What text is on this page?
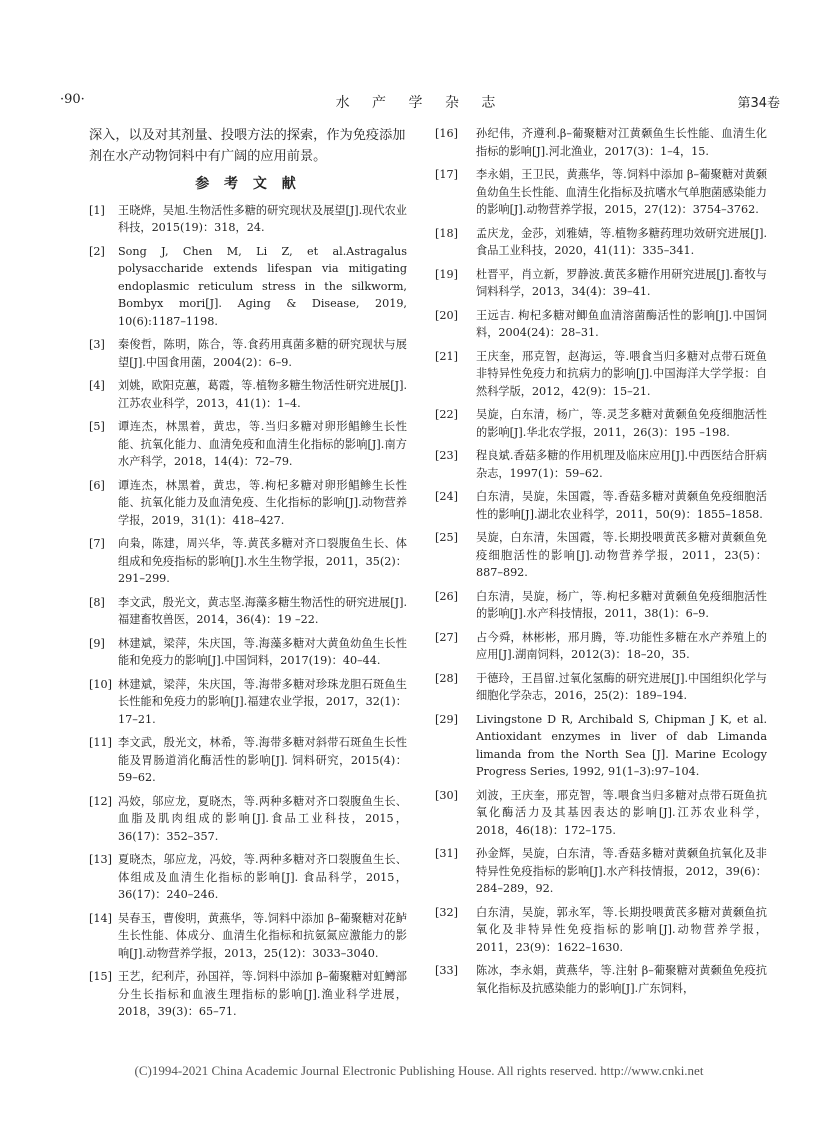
·90·	水 产 学 杂 志	第34卷

深入，以及对其剂量、投喂方法的探索，作为免疫添加剂在水产动物饲料中有广阔的应用前景。

参 考 文 献
[1] 王晓烨，吴旭.生物活性多糖的研究现状及展望[J].现代农业科技，2015(19)：318，24.
[2] Song J, Chen M, Li Z, et al.Astragalus polysaccharide extends lifespan via mitigating endoplasmic reticulum stress in the silkworm, Bombyx mori[J]. Aging & Disease, 2019, 10(6):1187–1198.
[3] 秦俊哲，陈明，陈合，等.食药用真菌多糖的研究现状与展望[J].中国食用菌，2004(2)：6–9.
[4] 刘姚，欧阳克蕙，葛霞，等.植物多糖生物活性研究进展[J].江苏农业科学，2013，41(1)：1–4.
[5] 谭连杰，林黑着，黄忠，等.当归多糖对卵形鲳鲹生长性能、抗氧化能力、血清免疫和血清生化指标的影响[J].南方水产科学，2018，14(4)：72–79.
[6] 谭连杰，林黑着，黄忠，等.枸杞多糖对卵形鲳鲹生长性能、抗氧化能力及血清免疫、生化指标的影响[J].动物营养学报，2019，31(1)：418–427.
[7] 向枭，陈建，周兴华，等.黄芪多糖对齐口裂腹鱼生长、体组成和免疫指标的影响[J].水生生物学报，2011，35(2)：291–299.
[8] 李文武，殷光文，黄志坚.海藻多糖生物活性的研究进展[J].福建畜牧兽医，2014，36(4)：19 –22.
[9] 林建斌，梁萍，朱庆国，等.海藻多糖对大黄鱼幼鱼生长性能和免疫力的影响[J].中国饲料，2017(19)：40–44.
[10] 林建斌，梁萍，朱庆国，等.海带多糖对珍珠龙胆石斑鱼生长性能和免疫力的影响[J].福建农业学报，2017，32(1)：17–21.
[11] 李文武，殷光文，林希，等.海带多糖对斜带石斑鱼生长性能及胃肠道消化酶活性的影响[J]. 饲料研究，2015(4)：59–62.
[12] 冯姣，邬应龙，夏晓杰，等.两种多糖对齐口裂腹鱼生长、血脂及肌肉组成的影响[J].食品工业科技，2015，36(17)：352–357.
[13] 夏晓杰，邬应龙，冯姣，等.两种多糖对齐口裂腹鱼生长、体组成及血清生化指标的影响[J]. 食品科学，2015，36(17)：240–246.
[14] 吴春玉，曹俊明，黄燕华，等.饲料中添加 β–葡聚糖对花鲈生长性能、体成分、血清生化指标和抗氨氮应激能力的影响[J].动物营养学报，2013，25(12)：3033–3040.
[15] 王艺，纪利芹，孙国祥，等.饲料中添加 β–葡聚糖对虹鳟部分生长指标和血液生理指标的影响[J].渔业科学进展，2018，39(3)：65–71.
[16] 孙纪伟，齐遵利.β–葡聚糖对江黄颡鱼生长性能、血清生化指标的影响[J].河北渔业，2017(3)：1–4，15.
[17] 李永娟，王卫民，黄燕华，等.饲料中添加 β–葡聚糖对黄颡鱼幼鱼生长性能、血清生化指标及抗嗜水气单胞菌感染能力的影响[J].动物营养学报，2015，27(12)：3754–3762.
[18] 孟庆龙，金莎，刘雅婧，等.植物多糖药理功效研究进展[J].食品工业科技，2020，41(11)：335–341.
[19] 杜晋平，肖立新，罗静波.黄芪多糖作用研究进展[J].畜牧与饲料科学，2013，34(4)：39–41.
[20] 王远吉. 枸杞多糖对鲫鱼血清溶菌酶活性的影响[J].中国饲料，2004(24)：28–31.
[21] 王庆奎，邢克智，赵海运，等.喂食当归多糖对点带石斑鱼非特异性免疫力和抗病力的影响[J].中国海洋大学学报：自然科学版，2012，42(9)：15–21.
[22] 吴旋，白东清，杨广，等.灵芝多糖对黄颡鱼免疫细胞活性的影响[J].华北农学报，2011，26(3)：195 –198.
[23] 程良斌.香菇多糖的作用机理及临床应用[J].中西医结合肝病杂志，1997(1)：59–62.
[24] 白东清，吴旋，朱国霞，等.香菇多糖对黄颡鱼免疫细胞活性的影响[J].湖北农业科学，2011，50(9)：1855–1858.
[25] 吴旋，白东清，朱国霞，等.长期投喂黄芪多糖对黄颡鱼免疫细胞活性的影响[J].动物营养学报，2011，23(5)：887–892.
[26] 白东清，吴旋，杨广，等.枸杞多糖对黄颡鱼免疫细胞活性的影响[J].水产科技情报，2011，38(1)：6–9.
[27] 占今舜，林彬彬，邢月腾，等.功能性多糖在水产养殖上的应用[J].湖南饲料，2012(3)：18–20，35.
[28] 于德玲，王昌留.过氧化氢酶的研究进展[J].中国组织化学与细胞化学杂志，2016，25(2)：189–194.
[29] Livingstone D R, Archibald S, Chipman J K, et al. Antioxidant enzymes in liver of dab Limanda limanda from the North Sea [J]. Marine Ecology Progress Series, 1992, 91(1–3):97–104.
[30] 刘波，王庆奎，邢克智，等.喂食当归多糖对点带石斑鱼抗氧化酶活力及其基因表达的影响[J].江苏农业科学，2018，46(18)：172–175.
[31] 孙金辉，吴旋，白东清，等.香菇多糖对黄颡鱼抗氧化及非特异性免疫指标的影响[J].水产科技情报，2012，39(6)：284–289，92.
[32] 白东清，吴旋，郭永军，等.长期投喂黄芪多糖对黄颡鱼抗氧化及非特异性免疫指标的影响[J].动物营养学报，2011，23(9)：1622–1630.
[33] 陈冰，李永娟，黄燕华，等.注射 β–葡聚糖对黄颡鱼免疫抗氧化指标及抗感染能力的影响[J].广东饲料，
(C)1994-2021 China Academic Journal Electronic Publishing House. All rights reserved. http://www.cnki.net
